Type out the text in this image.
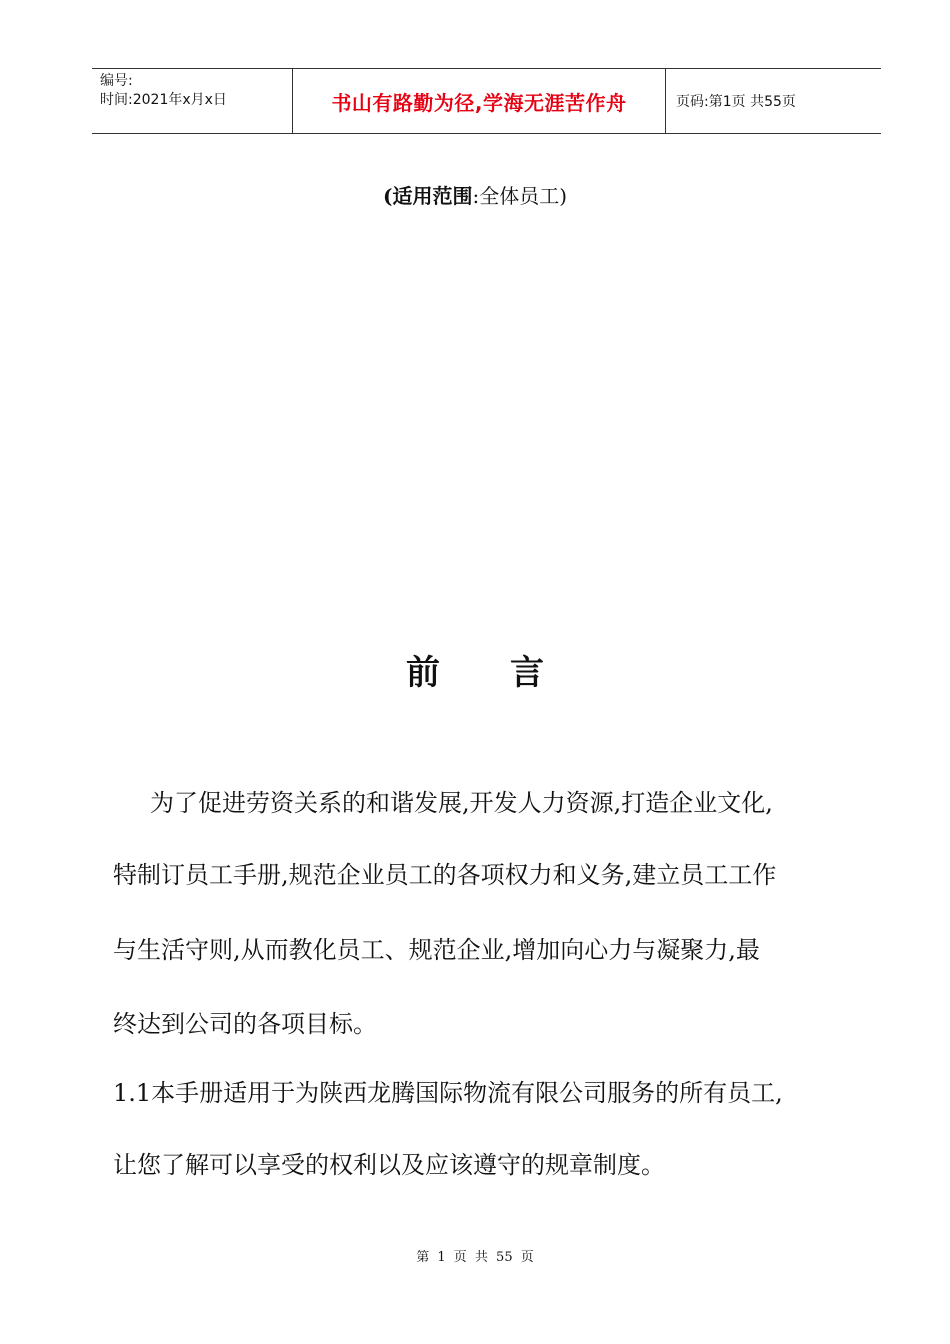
编号:
时间:2021年x月x日	书山有路勤为径,学海无涯苦作舟	页码:第1页 共55页
(适用范围:全体员工)
前言
为了促进劳资关系的和谐发展,开发人力资源,打造企业文化,
特制订员工手册,规范企业员工的各项权力和义务,建立员工工作
与生活守则,从而教化员工、规范企业,增加向心力与凝聚力,最
终达到公司的各项目标。
1.1本手册适用于为陕西龙腾国际物流有限公司服务的所有员工,
让您了解可以享受的权利以及应该遵守的规章制度。
第 1 页 共 55 页
